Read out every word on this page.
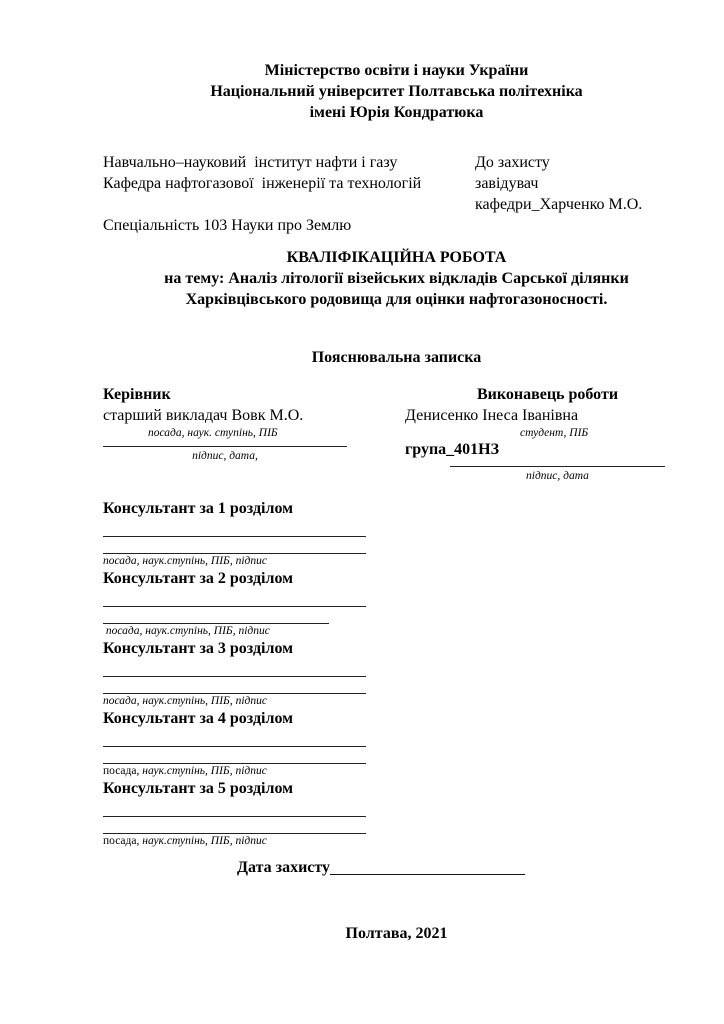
Міністерство освіти і науки України
Національний університет Полтавська політехніка
імені Юрія Кондратюка
Навчально–науковий  інститут нафти і газу
Кафедра нафтогазової  інженерії та технологій
Спеціальність 103 Науки про Землю
До захисту
завідувач
кафедри_Харченко М.О.
КВАЛІФІКАЦІЙНА РОБОТА
на тему: Аналіз літології візейських відкладів Сарської ділянки
Харківцівського родовища для оцінки нафтогазоносності.
Пояснювальна записка
Керівник
старший викладач Вовк М.О.
посада, наук. ступінь, ПІБ
підпис, дата,
Виконавець роботи
Денисенко Інеса Іванівна
студент, ПІБ
група_401НЗ
підпис, дата
Консультант за 1 розділом
посада, наук.ступінь, ПІБ, підпис
Консультант за 2 розділом
посада, наук.ступінь, ПІБ, підпис
Консультант за 3 розділом
посада, наук.ступінь, ПІБ, підпис
Консультант за 4 розділом
посада, наук.ступінь, ПІБ, підпис
Консультант за 5 розділом
посада, наук.ступінь, ПІБ, підпис
Дата захисту
Полтава, 2021
